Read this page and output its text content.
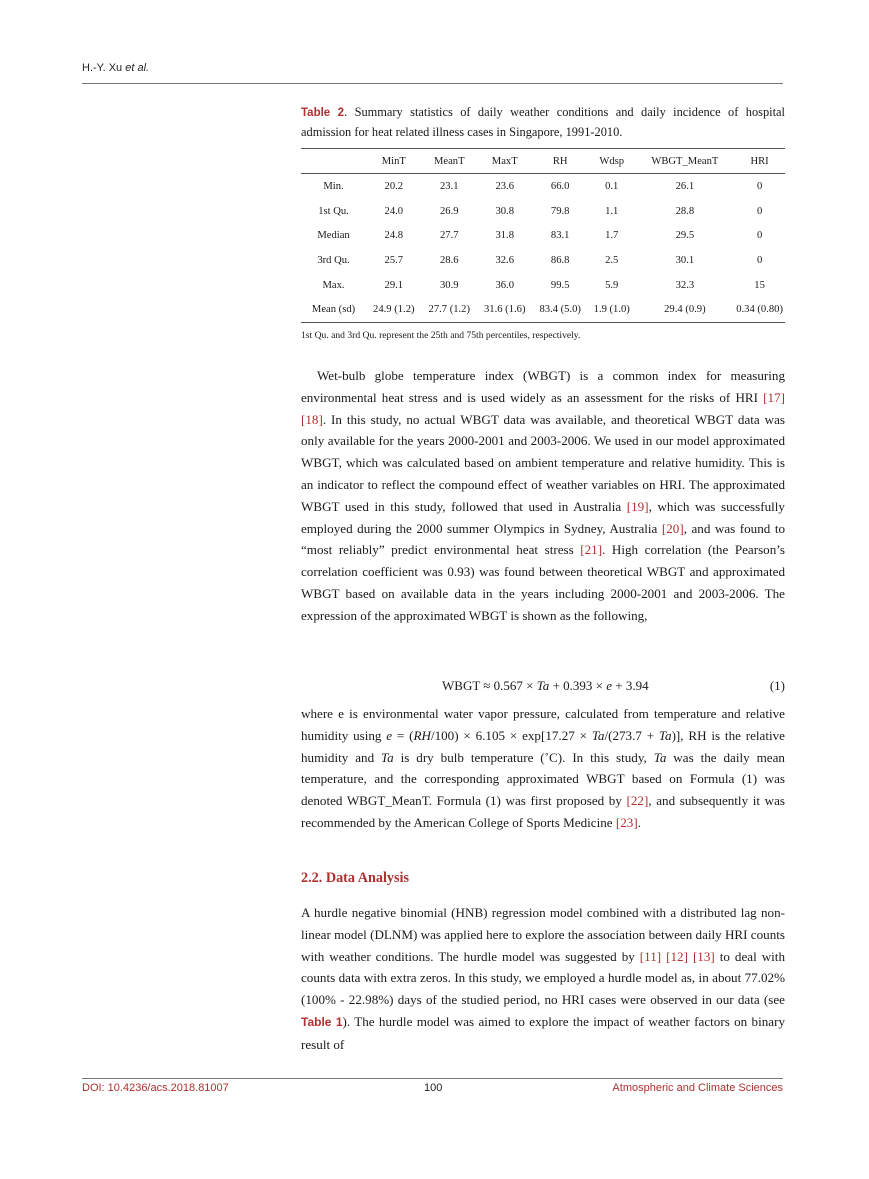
H.-Y. Xu et al.
Table 2. Summary statistics of daily weather conditions and daily incidence of hospital admission for heat related illness cases in Singapore, 1991-2010.
	MinT	MeanT	MaxT	RH	Wdsp	WBGT_MeanT	HRI
Min.	20.2	23.1	23.6	66.0	0.1	26.1	0
1st Qu.	24.0	26.9	30.8	79.8	1.1	28.8	0
Median	24.8	27.7	31.8	83.1	1.7	29.5	0
3rd Qu.	25.7	28.6	32.6	86.8	2.5	30.1	0
Max.	29.1	30.9	36.0	99.5	5.9	32.3	15
Mean (sd)	24.9 (1.2)	27.7 (1.2)	31.6 (1.6)	83.4 (5.0)	1.9 (1.0)	29.4 (0.9)	0.34 (0.80)
1st Qu. and 3rd Qu. represent the 25th and 75th percentiles, respectively.

Wet-bulb globe temperature index (WBGT) is a common index for measuring environmental heat stress and is used widely as an assessment for the risks of HRI [17] [18]. In this study, no actual WBGT data was available, and theoretical WBGT data was only available for the years 2000-2001 and 2003-2006. We used in our model approximated WBGT, which was calculated based on ambient temperature and relative humidity. This is an indicator to reflect the compound effect of weather variables on HRI. The approximated WBGT used in this study, followed that used in Australia [19], which was successfully employed during the 2000 summer Olympics in Sydney, Australia [20], and was found to “most reliably” predict environmental heat stress [21]. High correlation (the Pearson’s correlation coefficient was 0.93) was found between theoretical WBGT and approximated WBGT based on available data in the years including 2000-2001 and 2003-2006. The expression of the approximated WBGT is shown as the following,

WBGT ≈ 0.567 × Ta + 0.393 × e + 3.94	(1)

where e is environmental water vapor pressure, calculated from temperature and relative humidity using e = (RH/100) × 6.105 × exp[17.27 × Ta/(273.7 + Ta)], RH is the relative humidity and Ta is dry bulb temperature (˚C). In this study, Ta was the daily mean temperature, and the corresponding approximated WBGT based on Formula (1) was denoted WBGT_MeanT. Formula (1) was first proposed by [22], and subsequently it was recommended by the American College of Sports Medicine [23].

2.2. Data Analysis

A hurdle negative binomial (HNB) regression model combined with a distributed lag non-linear model (DLNM) was applied here to explore the association between daily HRI counts with weather conditions. The hurdle model was suggested by [11] [12] [13] to deal with counts data with extra zeros. In this study, we employed a hurdle model as, in about 77.02% (100% - 22.98%) days of the studied period, no HRI cases were observed in our data (see Table 1). The hurdle model was aimed to explore the impact of weather factors on binary result of

DOI: 10.4236/acs.2018.81007	100	Atmospheric and Climate Sciences
